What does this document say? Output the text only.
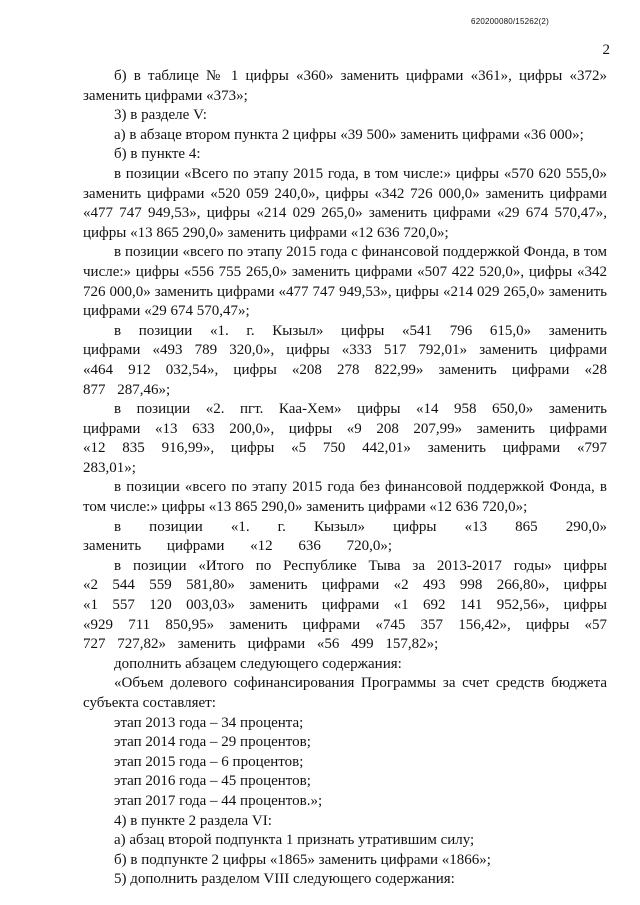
620200080/15262(2)
2

б) в таблице № 1 цифры «360» заменить цифрами «361», цифры «372» заменить цифрами «373»;

3) в разделе V:

а) в абзаце втором пункта 2 цифры «39 500» заменить цифрами «36 000»;

б) в пункте 4:

в позиции «Всего по этапу 2015 года, в том числе:» цифры «570 620 555,0» заменить цифрами «520 059 240,0», цифры «342 726 000,0» заменить цифрами «477 747 949,53», цифры «214 029 265,0» заменить цифрами «29 674 570,47», цифры «13 865 290,0» заменить цифрами «12 636 720,0»;

в позиции «всего по этапу 2015 года с финансовой поддержкой Фонда, в том числе:» цифры «556 755 265,0» заменить цифрами «507 422 520,0», цифры «342 726 000,0» заменить цифрами «477 747 949,53», цифры «214 029 265,0» заменить цифрами «29 674 570,47»;

в позиции «1. г. Кызыл» цифры «541 796 615,0» заменить цифрами «493 789 320,0», цифры «333 517 792,01» заменить цифрами «464 912 032,54», цифры «208 278 822,99» заменить цифрами «28 877 287,46»;

в позиции «2. пгт. Каа-Хем» цифры «14 958 650,0» заменить цифрами «13 633 200,0», цифры «9 208 207,99» заменить цифрами «12 835 916,99», цифры «5 750 442,01» заменить цифрами «797 283,01»;

в позиции «всего по этапу 2015 года без финансовой поддержкой Фонда, в том числе:» цифры «13 865 290,0» заменить цифрами «12 636 720,0»;

в позиции «1. г. Кызыл» цифры «13 865 290,0» заменить цифрами «12 636 720,0»;

в позиции «Итого по Республике Тыва за 2013-2017 годы» цифры «2 544 559 581,80» заменить цифрами «2 493 998 266,80», цифры «1 557 120 003,03» заменить цифрами «1 692 141 952,56», цифры «929 711 850,95» заменить цифрами «745 357 156,42», цифры «57 727 727,82» заменить цифрами «56 499 157,82»;

дополнить абзацем следующего содержания:

«Объем долевого софинансирования Программы за счет средств бюджета субъекта составляет:

этап 2013 года – 34 процента;

этап 2014 года – 29 процентов;

этап 2015 года – 6 процентов;

этап 2016 года – 45 процентов;

этап 2017 года – 44 процентов.»;

4) в пункте 2 раздела VI:

а) абзац второй подпункта 1 признать утратившим силу;

б) в подпункте 2 цифры «1865» заменить цифрами «1866»;

5) дополнить разделом VIII следующего содержания:
